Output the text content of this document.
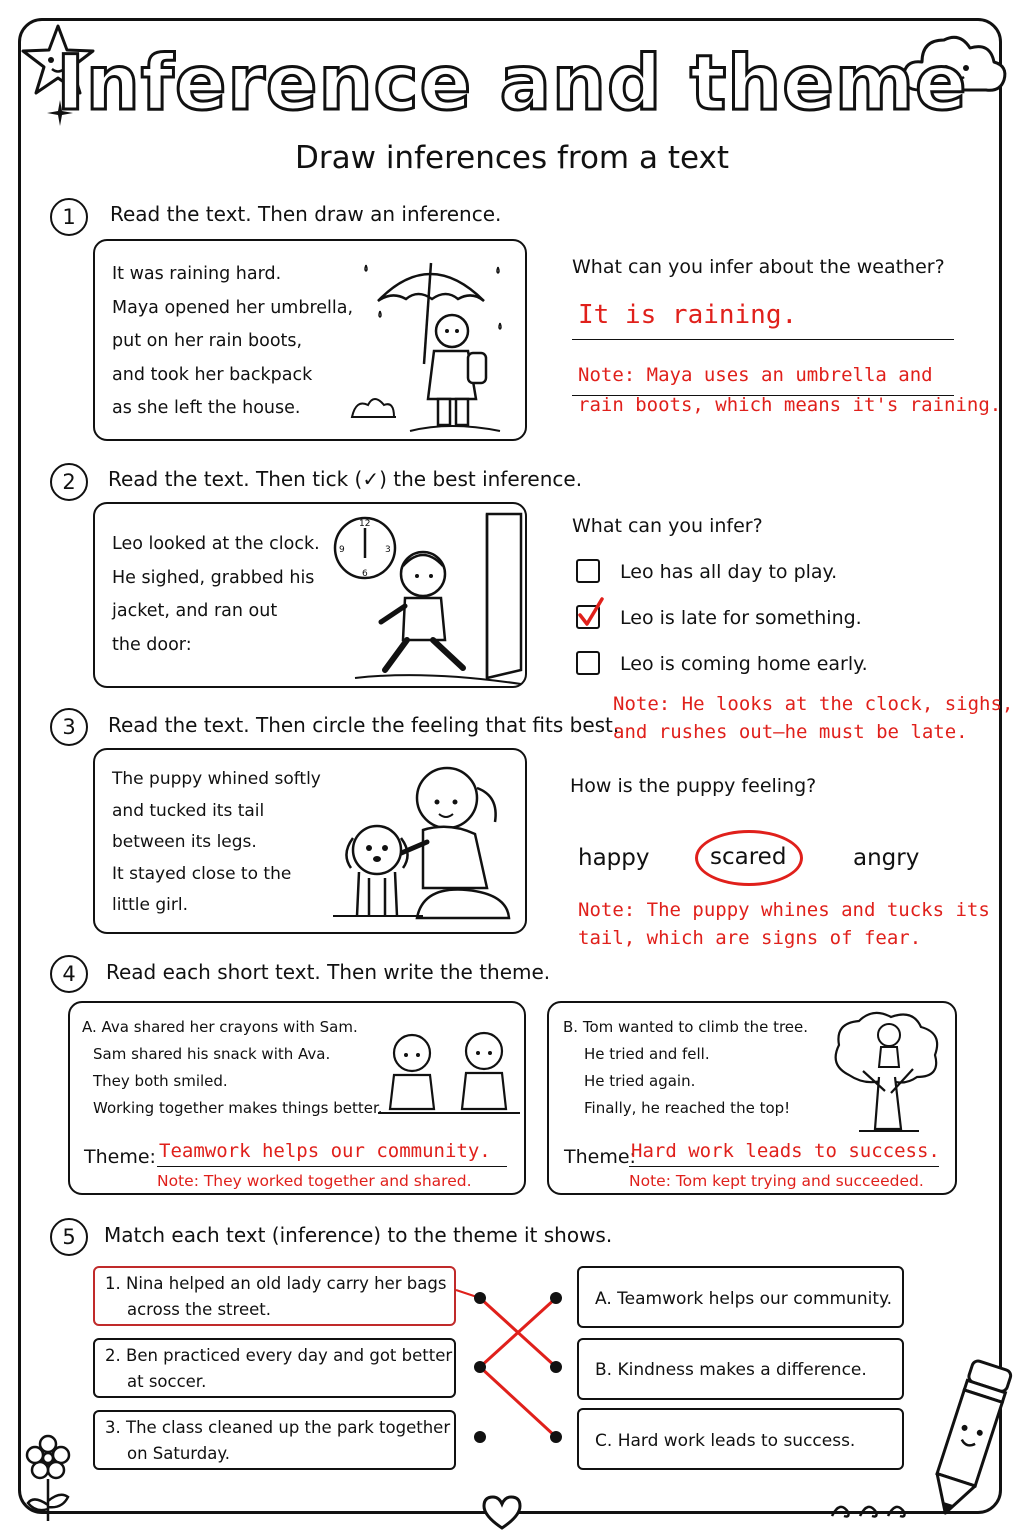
Inference and theme
Draw inferences from a text
1	Read the text. Then draw an inference.
It was raining hard.
Maya opened her umbrella,
put on her rain boots,
and took her backpack
as she left the house.
What can you infer about the weather?
It is raining.
Note: Maya uses an umbrella and
rain boots, which means it's raining.
2	Read the text. Then tick (✓) the best inference.
Leo looked at the clock.
He sighed, grabbed his
jacket, and ran out
the door:
12
3
6
9
What can you infer?
Leo has all day to play.
Leo is late for something.
Leo is coming home early.
Note: He looks at the clock, sighs,
and rushes out—he must be late.
3	Read the text. Then circle the feeling that fits best.
The puppy whined softly
and tucked its tail
between its legs.
It stayed close to the
little girl.
How is the puppy feeling?
happy	scared	angry
Note: The puppy whines and tucks its
tail, which are signs of fear.
4	Read each short text. Then write the theme.
A. Ava shared her crayons with Sam.
Sam shared his snack with Ava.
They both smiled.
Working together makes things better.
Theme: Teamwork helps our community.
Note: They worked together and shared.
B. Tom wanted to climb the tree.
He tried and fell.
He tried again.
Finally, he reached the top!
Theme:
Hard work leads to success.
Note: Tom kept trying and succeeded.
5	Match each text (inference) to the theme it shows.
1. Nina helped an old lady carry her bags
across the street.
2. Ben practiced every day and got better
at soccer.
3. The class cleaned up the park together
on Saturday.
A. Teamwork helps our community.
B. Kindness makes a difference.
C. Hard work leads to success.
